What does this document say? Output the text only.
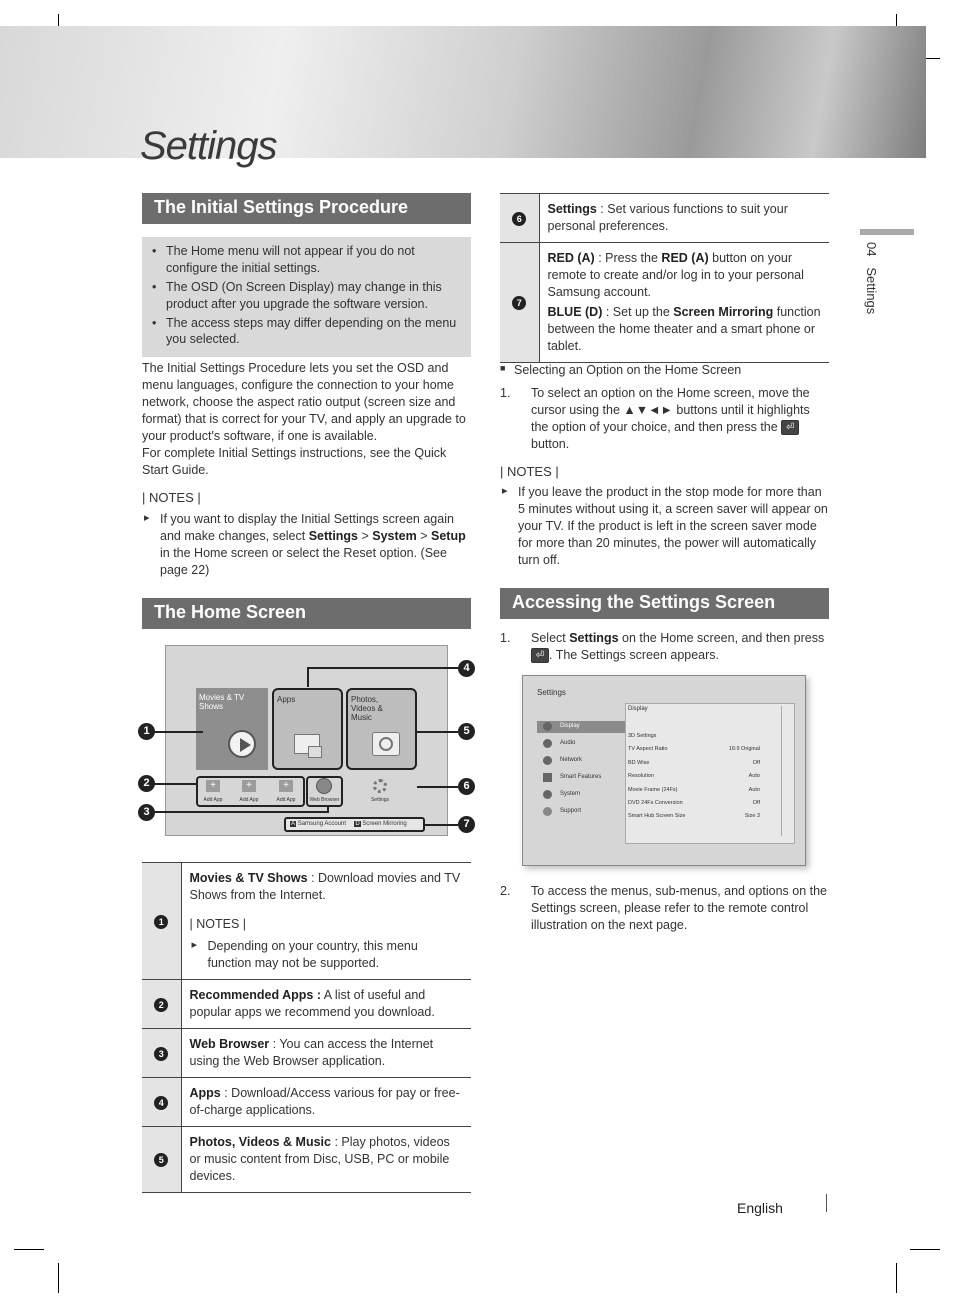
Settings
04   Settings
The Initial Settings Procedure
• The Home menu will not appear if you do not configure the initial settings.
• The OSD (On Screen Display) may change in this product after you upgrade the software version.
• The access steps may differ depending on the menu you selected.
The Initial Settings Procedure lets you set the OSD and menu languages, configure the connection to your home network, choose the aspect ratio output (screen size and format) that is correct for your TV, and apply an upgrade to your product's software, if one is available.
For complete Initial Settings instructions, see the Quick Start Guide.
| NOTES |
▸ If you want to display the Initial Settings screen again and make changes, select Settings > System > Setup in the Home screen or select the Reset option. (See page 22)
The Home Screen
Movies & TV Shows
Apps	Photos, Videos & Music
+	+	+
Add App	Add App	Add App	Web Browser	Settings
A Samsung Account D Screen Mirroring
1
2
3
4
5
6
7
1	Movies & TV Shows : Download movies and TV Shows from the Internet.
| NOTES |
▸ Depending on your country, this menu function may not be supported.

2	Recommended Apps : A list of useful and popular apps we recommend you download.
3	Web Browser : You can access the Internet using the Web Browser application.
4	Apps : Download/Access various for pay or free-of-charge applications.
5	Photos, Videos & Music : Play photos, videos or music content from Disc, USB, PC or mobile devices.
6	Settings : Set various functions to suit your personal preferences.
7	RED (A) : Press the RED (A) button on your remote to create and/or log in to your personal Samsung account.
BLUE (D) : Set up the Screen Mirroring function between the home theater and a smart phone or tablet.
■ Selecting an Option on the Home Screen
1. To select an option on the Home screen, move the cursor using the ▲▼◄► buttons until it highlights the option of your choice, and then press the ⏎ button.
| NOTES |
▸ If you leave the product in the stop mode for more than 5 minutes without using it, a screen saver will appear on your TV. If the product is left in the screen saver mode for more than 20 minutes, the power will automatically turn off.
Accessing the Settings Screen
1. Select Settings on the Home screen, and then press ⏎ . The Settings screen appears.
Settings
Display
Audio
Network
Smart Features
System
Support
Display
3D Settings
TV Aspect Ratio	16:9 Original
BD Wise	Off
Resolution	Auto
Movie Frame (24Fs)	Auto
DVD 24Fs Conversion	Off
Smart Hub Screen Size	Size 3
2. To access the menus, sub-menus, and options on the Settings screen, please refer to the remote control illustration on the next page.
English
